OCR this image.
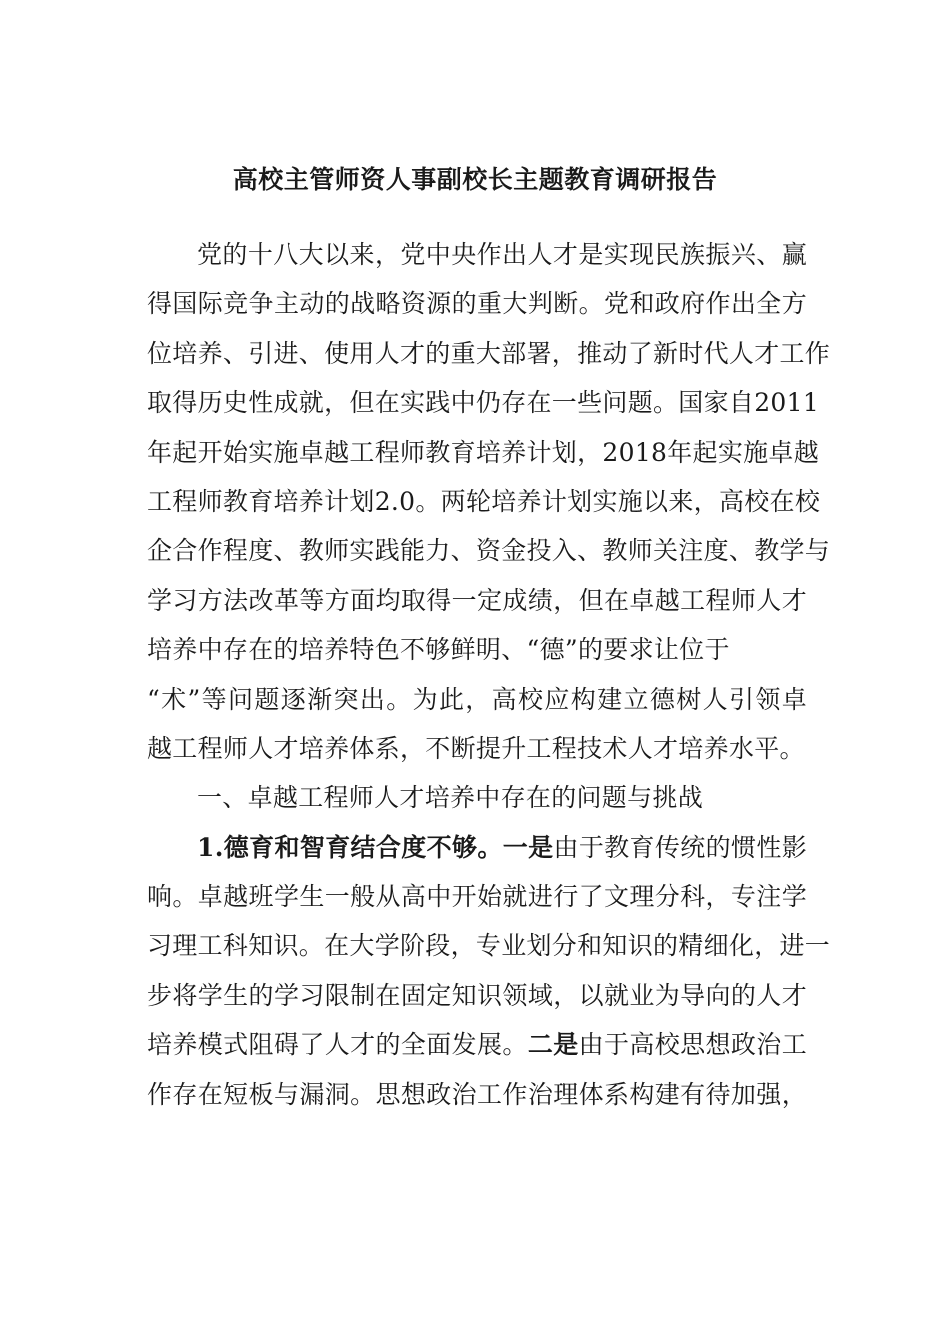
高校主管师资人事副校长主题教育调研报告
党的十八大以来，党中央作出人才是实现民族振兴、赢
得国际竞争主动的战略资源的重大判断。党和政府作出全方
位培养、引进、使用人才的重大部署，推动了新时代人才工作
取得历史性成就，但在实践中仍存在一些问题。国家自2011
年起开始实施卓越工程师教育培养计划，2018年起实施卓越
工程师教育培养计划2.0。两轮培养计划实施以来，高校在校
企合作程度、教师实践能力、资金投入、教师关注度、教学与
学习方法改革等方面均取得一定成绩，但在卓越工程师人才
培养中存在的培养特色不够鲜明、“德”的要求让位于
“术”等问题逐渐突出。为此，高校应构建立德树人引领卓
越工程师人才培养体系，不断提升工程技术人才培养水平。
一、卓越工程师人才培养中存在的问题与挑战
1.德育和智育结合度不够。一是由于教育传统的惯性影
响。卓越班学生一般从高中开始就进行了文理分科，专注学
习理工科知识。在大学阶段，专业划分和知识的精细化，进一
步将学生的学习限制在固定知识领域，以就业为导向的人才
培养模式阻碍了人才的全面发展。二是由于高校思想政治工
作存在短板与漏洞。思想政治工作治理体系构建有待加强，
